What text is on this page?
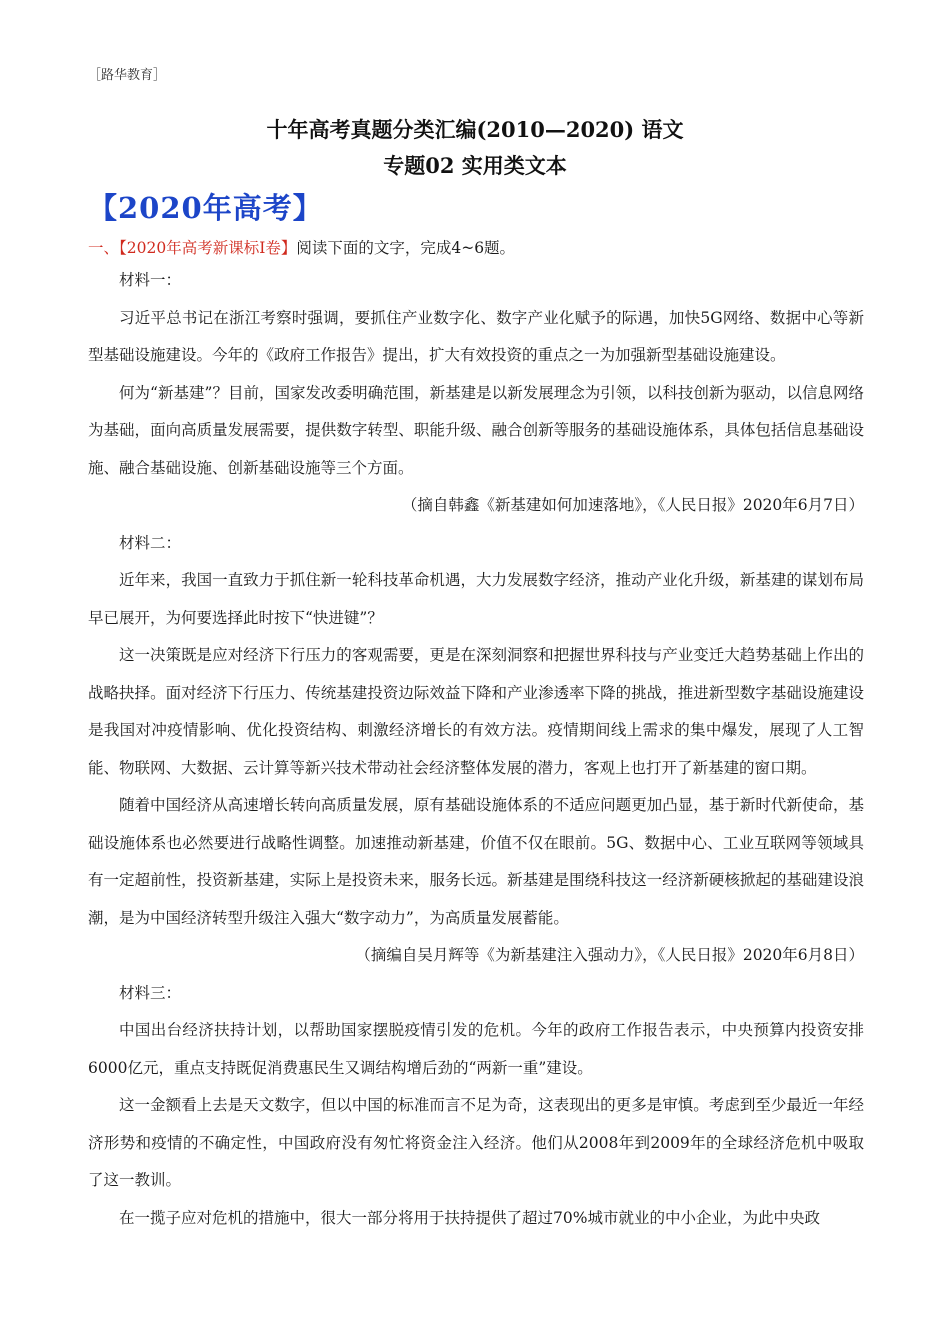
［路华教育］
十年高考真题分类汇编(2010—2020) 语文
专题02 实用类文本
【2020年高考】
一、【2020年高考新课标Ⅰ卷】阅读下面的文字，完成4~6题。

材料一：

习近平总书记在浙江考察时强调，要抓住产业数字化、数字产业化赋予的际遇，加快5G网络、数据中心等新型基础设施建设。今年的《政府工作报告》提出，扩大有效投资的重点之一为加强新型基础设施建设。

何为“新基建”？目前，国家发改委明确范围，新基建是以新发展理念为引领，以科技创新为驱动，以信息网络为基础，面向高质量发展需要，提供数字转型、职能升级、融合创新等服务的基础设施体系，具体包括信息基础设施、融合基础设施、创新基础设施等三个方面。

（摘自韩鑫《新基建如何加速落地》，《人民日报》2020年6月7日）

材料二：

近年来，我国一直致力于抓住新一轮科技革命机遇，大力发展数字经济，推动产业化升级，新基建的谋划布局早已展开，为何要选择此时按下“快进键”？

这一决策既是应对经济下行压力的客观需要，更是在深刻洞察和把握世界科技与产业变迁大趋势基础上作出的战略抉择。面对经济下行压力、传统基建投资边际效益下降和产业渗透率下降的挑战，推进新型数字基础设施建设是我国对冲疫情影响、优化投资结构、刺激经济增长的有效方法。疫情期间线上需求的集中爆发，展现了人工智能、物联网、大数据、云计算等新兴技术带动社会经济整体发展的潜力，客观上也打开了新基建的窗口期。

随着中国经济从高速增长转向高质量发展，原有基础设施体系的不适应问题更加凸显，基于新时代新使命，基础设施体系也必然要进行战略性调整。加速推动新基建，价值不仅在眼前。5G、数据中心、工业互联网等领域具有一定超前性，投资新基建，实际上是投资未来，服务长远。新基建是围绕科技这一经济新硬核掀起的基础建设浪潮，是为中国经济转型升级注入强大“数字动力”，为高质量发展蓄能。

（摘编自吴月辉等《为新基建注入强动力》，《人民日报》2020年6月8日）

材料三：

中国出台经济扶持计划，以帮助国家摆脱疫情引发的危机。今年的政府工作报告表示，中央预算内投资安排6000亿元，重点支持既促消费惠民生又调结构增后劲的“两新一重”建设。

这一金额看上去是天文数字，但以中国的标准而言不足为奇，这表现出的更多是审慎。考虑到至少最近一年经济形势和疫情的不确定性，中国政府没有匆忙将资金注入经济。他们从2008年到2009年的全球经济危机中吸取了这一教训。

在一揽子应对危机的措施中，很大一部分将用于扶持提供了超过70%城市就业的中小企业，为此中央政
